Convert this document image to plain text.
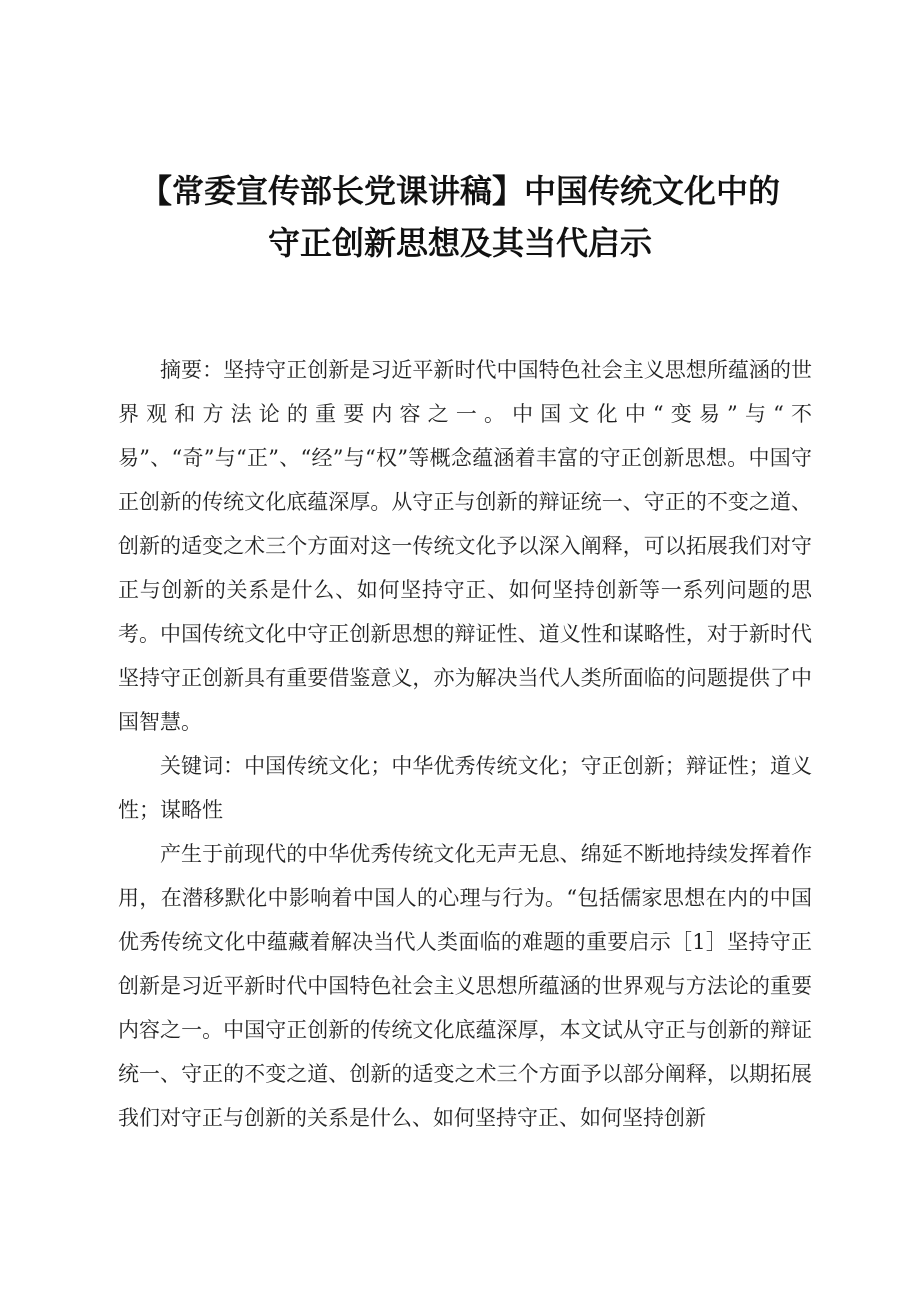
【常委宣传部长党课讲稿】中国传统文化中的
守正创新思想及其当代启示

摘要：坚持守正创新是习近平新时代中国特色社会主义思想所蕴涵的世界观和方法论的重要内容之一。中国文化中“变易”与“不易”、“奇”与“正”、“经”与“权”等概念蕴涵着丰富的守正创新思想。中国守正创新的传统文化底蕴深厚。从守正与创新的辩证统一、守正的不变之道、创新的适变之术三个方面对这一传统文化予以深入阐释，可以拓展我们对守正与创新的关系是什么、如何坚持守正、如何坚持创新等一系列问题的思考。中国传统文化中守正创新思想的辩证性、道义性和谋略性，对于新时代坚持守正创新具有重要借鉴意义，亦为解决当代人类所面临的问题提供了中国智慧。

关键词：中国传统文化；中华优秀传统文化；守正创新；辩证性；道义性；谋略性

产生于前现代的中华优秀传统文化无声无息、绵延不断地持续发挥着作用，在潜移默化中影响着中国人的心理与行为。“包括儒家思想在内的中国优秀传统文化中蕴藏着解决当代人类面临的难题的重要启示［1］坚持守正创新是习近平新时代中国特色社会主义思想所蕴涵的世界观与方法论的重要内容之一。中国守正创新的传统文化底蕴深厚，本文试从守正与创新的辩证统一、守正的不变之道、创新的适变之术三个方面予以部分阐释，以期拓展我们对守正与创新的关系是什么、如何坚持守正、如何坚持创新
